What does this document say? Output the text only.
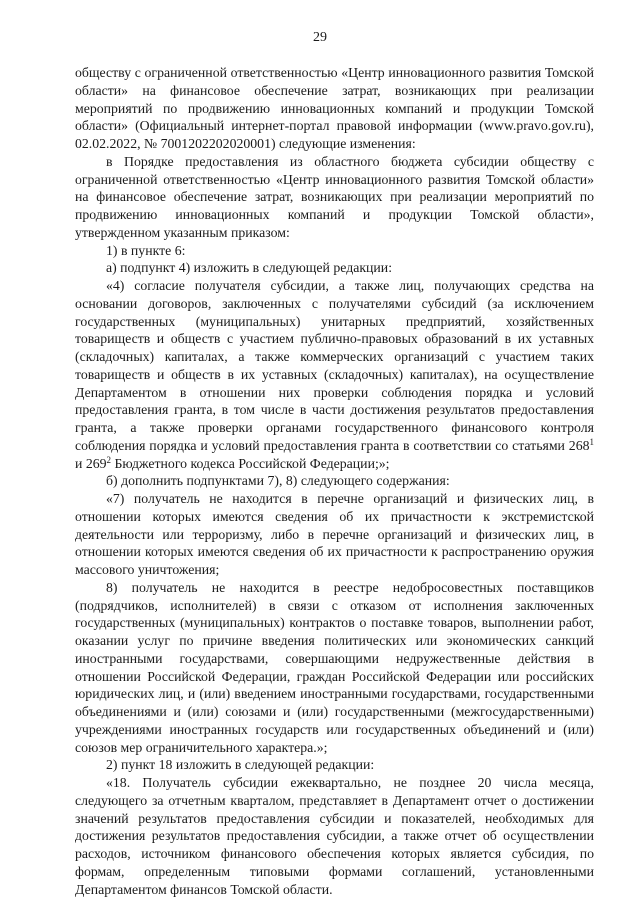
29

обществу с ограниченной ответственностью «Центр инновационного развития Томской области» на финансовое обеспечение затрат, возникающих при реализации мероприятий по продвижению инновационных компаний и продукции Томской области» (Официальный интернет-портал правовой информации (www.pravo.gov.ru), 02.02.2022, № 7001202202020001) следующие изменения:

в Порядке предоставления из областного бюджета субсидии обществу с ограниченной ответственностью «Центр инновационного развития Томской области» на финансовое обеспечение затрат, возникающих при реализации мероприятий по продвижению инновационных компаний и продукции Томской области», утвержденном указанным приказом:

1) в пункте 6:

а) подпункт 4) изложить в следующей редакции:

«4) согласие получателя субсидии, а также лиц, получающих средства на основании договоров, заключенных с получателями субсидий (за исключением государственных (муниципальных) унитарных предприятий, хозяйственных товариществ и обществ с участием публично-правовых образований в их уставных (складочных) капиталах, а также коммерческих организаций с участием таких товариществ и обществ в их уставных (складочных) капиталах), на осуществление Департаментом в отношении них проверки соблюдения порядка и условий предоставления гранта, в том числе в части достижения результатов предоставления гранта, а также проверки органами государственного финансового контроля соблюдения порядка и условий предоставления гранта в соответствии со статьями $268^1$ и $269^2$ Бюджетного кодекса Российской Федерации;»;

б) дополнить подпунктами 7), 8) следующего содержания:

«7) получатель не находится в перечне организаций и физических лиц, в отношении которых имеются сведения об их причастности к экстремистской деятельности или терроризму, либо в перечне организаций и физических лиц, в отношении которых имеются сведения об их причастности к распространению оружия массового уничтожения;

8) получатель не находится в реестре недобросовестных поставщиков (подрядчиков, исполнителей) в связи с отказом от исполнения заключенных государственных (муниципальных) контрактов о поставке товаров, выполнении работ, оказании услуг по причине введения политических или экономических санкций иностранными государствами, совершающими недружественные действия в отношении Российской Федерации, граждан Российской Федерации или российских юридических лиц, и (или) введением иностранными государствами, государственными объединениями и (или) союзами и (или) государственными (межгосударственными) учреждениями иностранных государств или государственных объединений и (или) союзов мер ограничительного характера.»;

2) пункт 18 изложить в следующей редакции:

«18. Получатель субсидии ежеквартально, не позднее 20 числа месяца, следующего за отчетным кварталом, представляет в Департамент отчет о достижении значений результатов предоставления субсидии и показателей, необходимых для достижения результатов предоставления субсидии, а также отчет об осуществлении расходов, источником финансового обеспечения которых является субсидия, по формам, определенным типовыми формами соглашений, установленными Департаментом финансов Томской области.
